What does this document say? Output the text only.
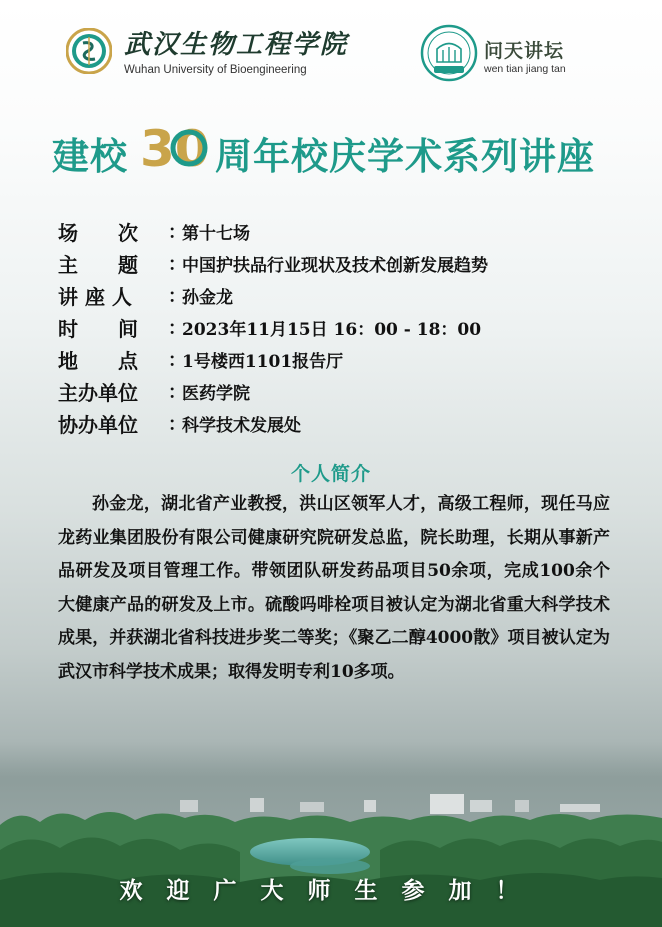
武汉生物工程学院
Wuhan University of Bioengineering
问天讲坛
wen tian jiang tan
建校 30 周年校庆学术系列讲座
场　　次	：
第十七场
主　　题	：
中国护扶品行业现状及技术创新发展趋势
讲 座 人	：
孙金龙
时　　间	：
2023年11月15日 16：00 - 18：00
地　　点	：
1号楼西1101报告厅
主办单位	：
医药学院
协办单位	：
科学技术发展处
个人简介
孙金龙，湖北省产业教授，洪山区领军人才，高级工程师，现任马应龙药业集团股份有限公司健康研究院研发总监，院长助理，长期从事新产品研发及项目管理工作。带领团队研发药品项目50余项，完成100余个大健康产品的研发及上市。硫酸吗啡栓项目被认定为湖北省重大科学技术成果，并获湖北省科技进步奖二等奖；《聚乙二醇4000散》项目被认定为武汉市科学技术成果；取得发明专利10多项。
欢迎广大师生参加！
